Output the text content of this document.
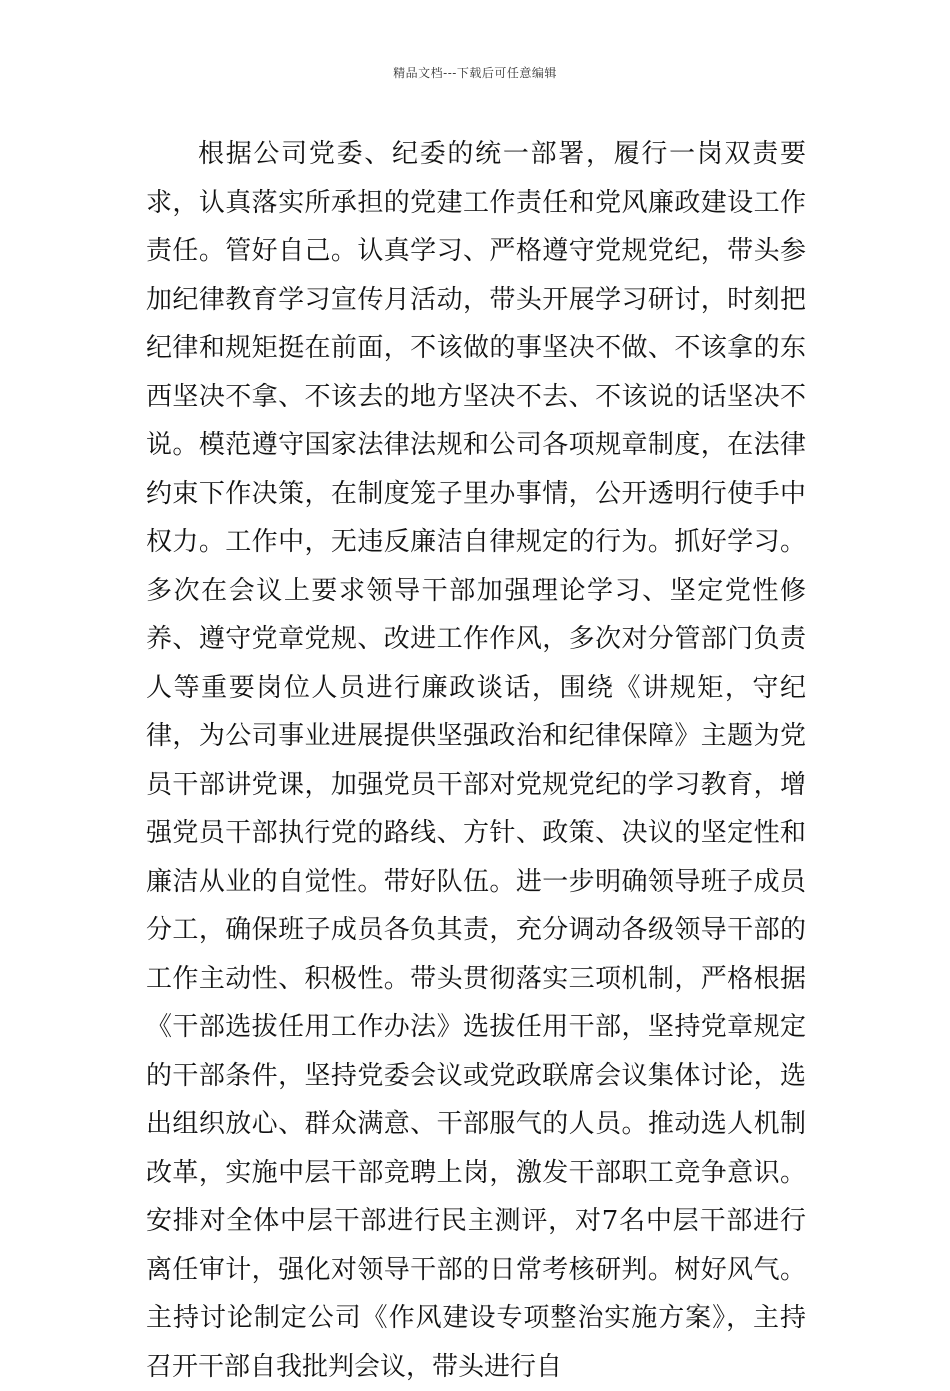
精品文档---下载后可任意编辑

根据公司党委、纪委的统一部署，履行一岗双责要求，认真落实所承担的党建工作责任和党风廉政建设工作责任。管好自己。认真学习、严格遵守党规党纪，带头参加纪律教育学习宣传月活动，带头开展学习研讨，时刻把纪律和规矩挺在前面，不该做的事坚决不做、不该拿的东西坚决不拿、不该去的地方坚决不去、不该说的话坚决不说。模范遵守国家法律法规和公司各项规章制度，在法律约束下作决策，在制度笼子里办事情，公开透明行使手中权力。工作中，无违反廉洁自律规定的行为。抓好学习。多次在会议上要求领导干部加强理论学习、坚定党性修养、遵守党章党规、改进工作作风，多次对分管部门负责人等重要岗位人员进行廉政谈话，围绕《讲规矩，守纪律，为公司事业进展提供坚强政治和纪律保障》主题为党员干部讲党课，加强党员干部对党规党纪的学习教育，增强党员干部执行党的路线、方针、政策、决议的坚定性和廉洁从业的自觉性。带好队伍。进一步明确领导班子成员分工，确保班子成员各负其责，充分调动各级领导干部的工作主动性、积极性。带头贯彻落实三项机制，严格根据《干部选拔任用工作办法》选拔任用干部，坚持党章规定的干部条件，坚持党委会议或党政联席会议集体讨论，选出组织放心、群众满意、干部服气的人员。推动选人机制改革，实施中层干部竞聘上岗，激发干部职工竞争意识。安排对全体中层干部进行民主测评，对7名中层干部进行离任审计，强化对领导干部的日常考核研判。树好风气。主持讨论制定公司《作风建设专项整治实施方案》，主持召开干部自我批判会议，带头进行自
